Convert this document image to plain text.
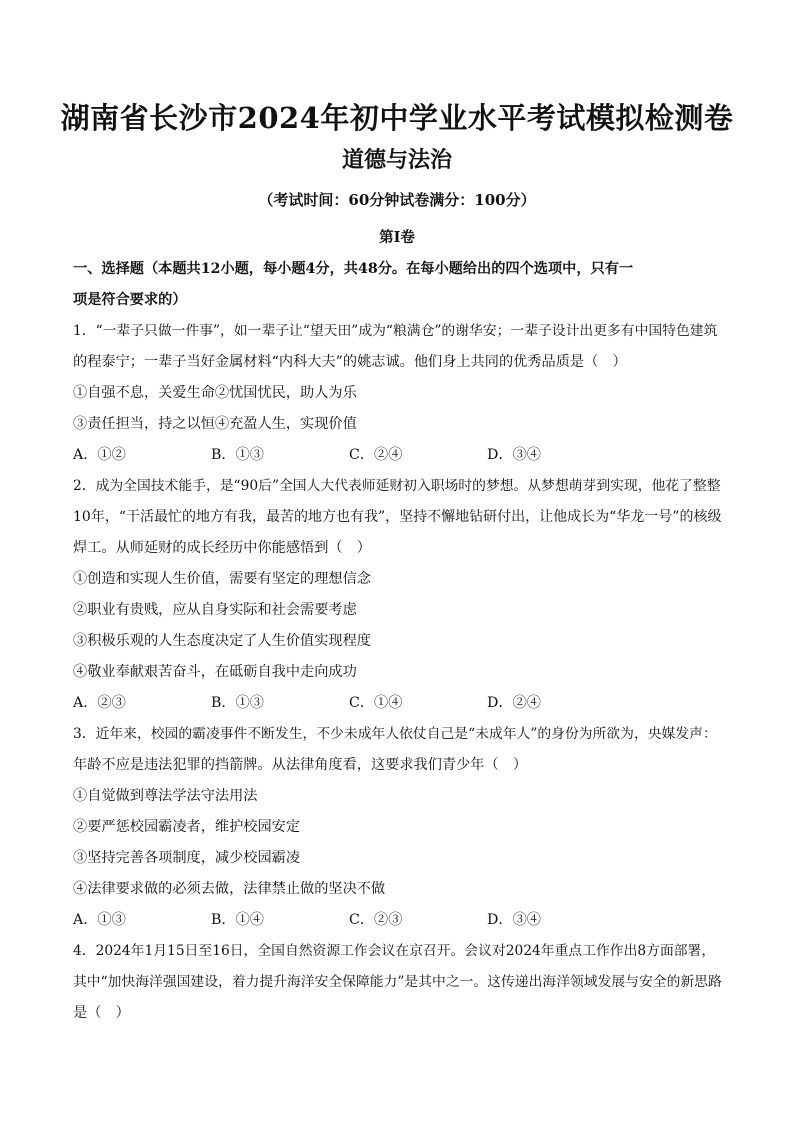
湖南省长沙市2024年初中学业水平考试模拟检测卷
道德与法治
（考试时间：60分钟试卷满分：100分）
第I卷
一、选择题（本题共12小题，每小题4分，共48分。在每小题给出的四个选项中，只有一
项是符合要求的）
1．“一辈子只做一件事”，如一辈子让“望天田”成为“粮满仓”的谢华安；一辈子设计出更多有中国特色建筑
的程泰宁；一辈子当好金属材料“内科大夫”的姚志诚。他们身上共同的优秀品质是（　）
①自强不息，关爱生命②忧国忧民，助人为乐
③责任担当，持之以恒④充盈人生，实现价值
A．①②	B．①③	C．②④	D．③④
2．成为全国技术能手，是“90后”全国人大代表师延财初入职场时的梦想。从梦想萌芽到实现，他花了整整
10年，“干活最忙的地方有我，最苦的地方也有我”，坚持不懈地钻研付出，让他成长为“华龙一号”的核级
焊工。从师延财的成长经历中你能感悟到（　）
①创造和实现人生价值，需要有坚定的理想信念
②职业有贵贱，应从自身实际和社会需要考虑
③积极乐观的人生态度决定了人生价值实现程度
④敬业奉献艰苦奋斗，在砥砺自我中走向成功
A．②③	B．①③	C．①④	D．②④
3．近年来，校园的霸凌事件不断发生，不少未成年人依仗自己是“未成年人”的身份为所欲为，央媒发声：
年龄不应是违法犯罪的挡箭牌。从法律角度看，这要求我们青少年（　）
①自觉做到尊法学法守法用法
②要严惩校园霸凌者，维护校园安定
③坚持完善各项制度，减少校园霸凌
④法律要求做的必须去做，法律禁止做的坚决不做
A．①③	B．①④	C．②③	D．③④
4．2024年1月15日至16日，全国自然资源工作会议在京召开。会议对2024年重点工作作出8方面部署，
其中“加快海洋强国建设，着力提升海洋安全保障能力”是其中之一。这传递出海洋领域发展与安全的新思路
是（　）
